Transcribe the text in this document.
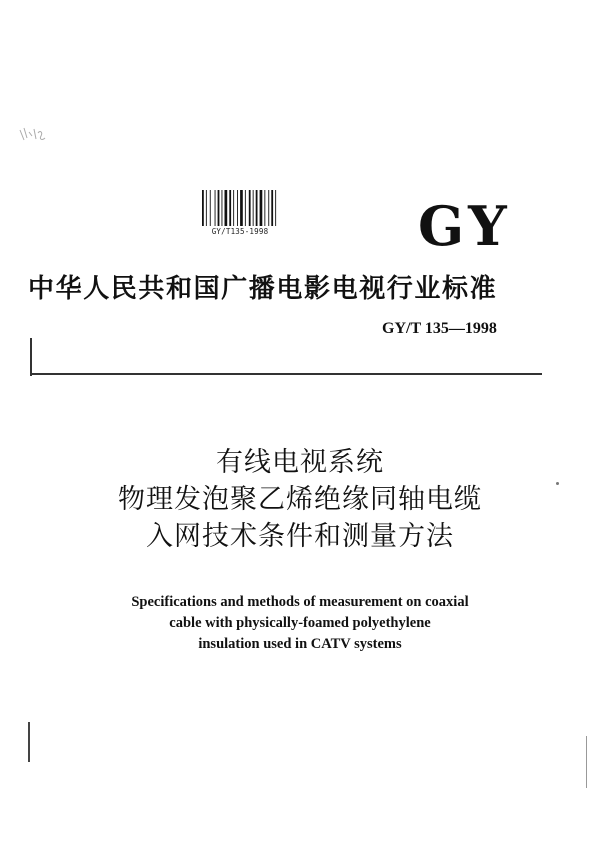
GY/T135-1998	GY
中华人民共和国广播电影电视行业标准
GY/T 135—1998
有线电视系统
物理发泡聚乙烯绝缘同轴电缆
入网技术条件和测量方法
Specifications and methods of measurement on coaxial
cable with physically-foamed polyethylene
insulation used in CATV systems
